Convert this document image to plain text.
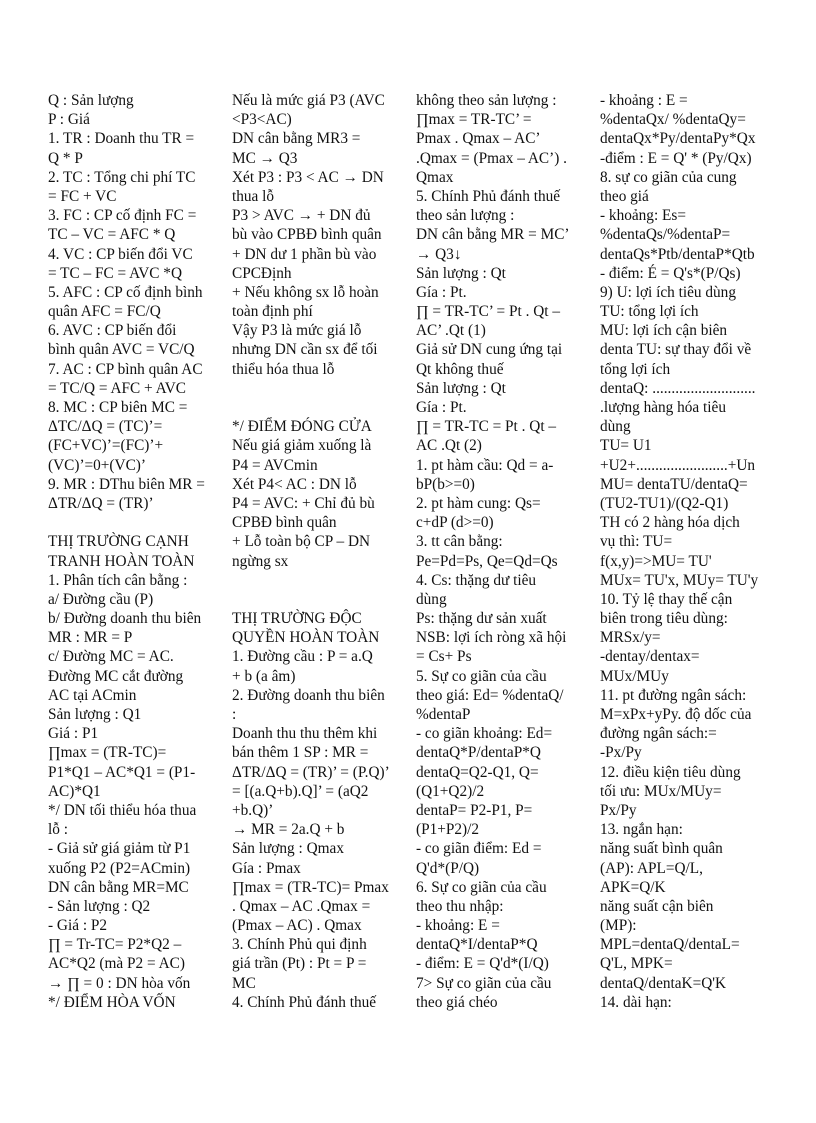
Q : Sản lượng
P : Giá
1. TR : Doanh thu TR =
Q * P
2. TC : Tổng chi phí TC
= FC + VC
3. FC : CP cố định FC =
TC – VC = AFC * Q
4. VC : CP biến đổi VC
= TC – FC = AVC *Q
5. AFC : CP cố định bình
quân AFC = FC/Q
6. AVC : CP biến đổi
bình quân AVC = VC/Q
7. AC : CP bình quân AC
= TC/Q = AFC + AVC
8. MC : CP biên MC =
ΔTC/ΔQ = (TC)’=
(FC+VC)’=(FC)’+
(VC)’=0+(VC)’
9. MR : DThu biên MR =
ΔTR/ΔQ = (TR)’
THỊ TRƯỜNG CẠNH
TRANH HOÀN TOÀN
1. Phân tích cân bằng :
a/ Đường cầu (P)
b/ Đường doanh thu biên
MR : MR = P
c/ Đường MC = AC.
Đường MC cắt đường
AC tại ACmin
Sản lượng : Q1
Giá : P1
∏max = (TR-TC)=
P1*Q1 – AC*Q1 = (P1-
AC)*Q1
*/ DN tối thiểu hóa thua
lỗ :
- Giả sử giá giảm từ P1
xuống P2 (P2=ACmin)
DN cân bằng MR=MC
- Sản lượng : Q2
- Giá : P2
∏ = Tr-TC= P2*Q2 –
AC*Q2 (mà P2 = AC)
→ ∏ = 0 : DN hòa vốn
*/ ĐIỂM HÒA VỐN
Nếu là mức giá P3 (AVC
<P3<AC)
DN cân bằng MR3 =
MC → Q3
Xét P3 : P3 < AC → DN
thua lỗ
P3 > AVC → + DN đủ
bù vào CPBĐ bình quân
+ DN dư 1 phần bù vào
CPCĐịnh
+ Nếu không sx lỗ hoàn
toàn định phí
Vậy P3 là mức giá lỗ
nhưng DN cần sx để tối
thiểu hóa thua lỗ
*/ ĐIỂM ĐÓNG CỬA
Nếu giá giảm xuống là
P4 = AVCmin
Xét P4< AC : DN lỗ
P4 = AVC: + Chỉ đủ bù
CPBĐ bình quân
+ Lỗ toàn bộ CP – DN
ngừng sx
THỊ TRƯỜNG ĐỘC
QUYỀN HOÀN TOÀN
1. Đường cầu : P = a.Q
+ b (a âm)
2. Đường doanh thu biên
:
Doanh thu thu thêm khi
bán thêm 1 SP : MR =
ΔTR/ΔQ = (TR)’ = (P.Q)’
= [(a.Q+b).Q]’ = (aQ2
+b.Q)’
→ MR = 2a.Q + b
Sản lượng : Qmax
Gía : Pmax
∏max = (TR-TC)= Pmax
. Qmax – AC .Qmax =
(Pmax – AC) . Qmax
3. Chính Phủ qui định
giá trần (Pt) : Pt = P =
MC
4. Chính Phủ đánh thuế
không theo sản lượng :
∏max = TR-TC’ =
Pmax . Qmax – AC’
.Qmax = (Pmax – AC’) .
Qmax
5. Chính Phủ đánh thuế
theo sản lượng :
DN cân bằng MR = MC’
→ Q3↓
Sản lượng : Qt
Gía : Pt.
∏ = TR-TC’ = Pt . Qt –
AC’ .Qt (1)
Giả sử DN cung ứng tại
Qt không thuế
Sản lượng : Qt
Gía : Pt.
∏ = TR-TC = Pt . Qt –
AC .Qt (2)
1. pt hàm cầu: Qd = a-
bP(b>=0)
2. pt hàm cung: Qs=
c+dP (d>=0)
3. tt cân bằng:
Pe=Pd=Ps, Qe=Qd=Qs
4. Cs: thặng dư tiêu
dùng
Ps: thặng dư sản xuất
NSB: lợi ích ròng xã hội
= Cs+ Ps
5. Sự co giãn của cầu
theo giá: Ed= %dentaQ/
%dentaP
- co giãn khoảng: Ed=
dentaQ*P/dentaP*Q
dentaQ=Q2-Q1, Q=
(Q1+Q2)/2
dentaP= P2-P1, P=
(P1+P2)/2
- co giãn điểm: Ed =
Q'd*(P/Q)
6. Sự co giãn của cầu
theo thu nhập:
- khoảng: E =
dentaQ*I/dentaP*Q
- điểm: E = Q'd*(I/Q)
7> Sự co giãn của cầu
theo giá chéo
- khoảng : E =
%dentaQx/ %dentaQy=
dentaQx*Py/dentaPy*Qx
-điểm : E = Q' * (Py/Qx)
8. sự co giãn của cung
theo giá
- khoảng: Es=
%dentaQs/%dentaP=
dentaQs*Ptb/dentaP*Qtb
- điểm: É = Q's*(P/Qs)
9) U: lợi ích tiêu dùng
TU: tổng lợi ích
MU: lợi ích cận biên
denta TU: sự thay đổi về
tổng lợi ích
dentaQ: ...........................
.lượng hàng hóa tiêu
dùng
TU= U1
+U2+........................+Un
MU= dentaTU/dentaQ=
(TU2-TU1)/(Q2-Q1)
TH có 2 hàng hóa dịch
vụ thì: TU=
f(x,y)=>MU= TU'
MUx= TU'x, MUy= TU'y
10. Tỷ lệ thay thế cận
biên trong tiêu dùng:
MRSx/y=
-dentay/dentax=
MUx/MUy
11. pt đường ngân sách:
M=xPx+yPy. độ dốc của
đường ngân sách:=
-Px/Py
12. điều kiện tiêu dùng
tối ưu: MUx/MUy=
Px/Py
13. ngắn hạn:
năng suất bình quân
(AP): APL=Q/L,
APK=Q/K
năng suất cận biên
(MP):
MPL=dentaQ/dentaL=
Q'L, MPK=
dentaQ/dentaK=Q'K
14. dài hạn:
